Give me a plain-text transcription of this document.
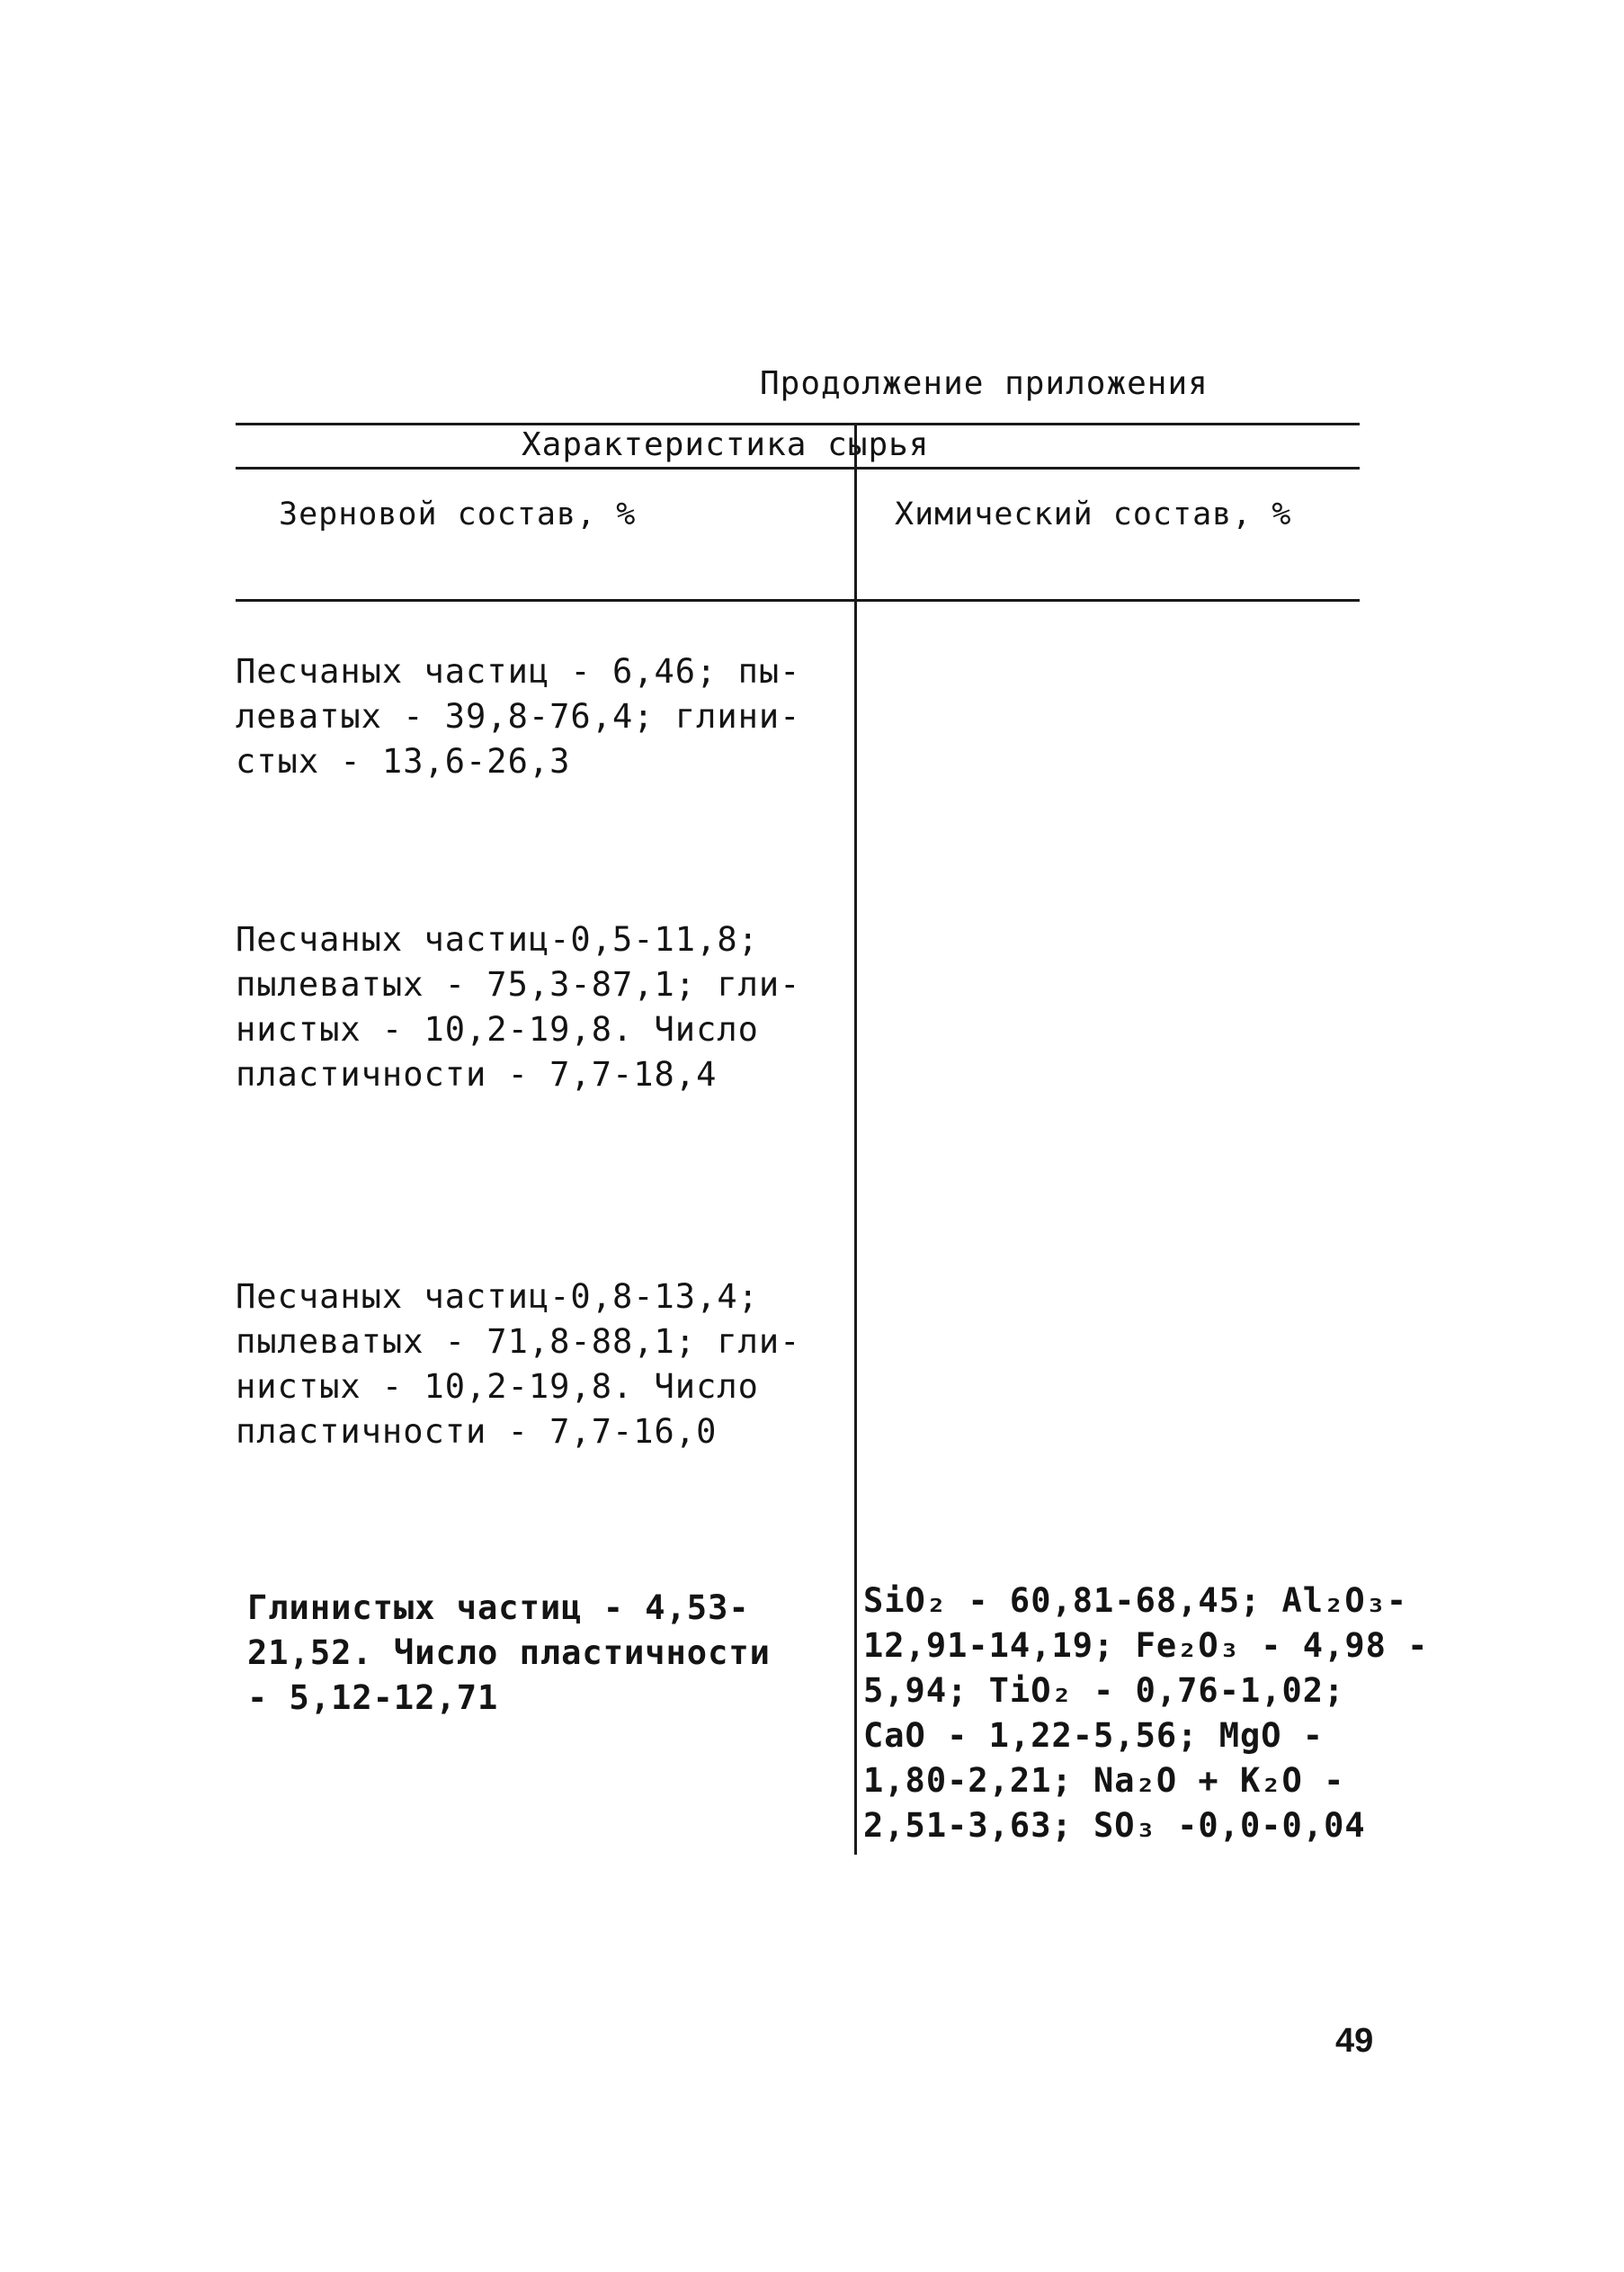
Продолжение приложения
Характеристика сырья
Зерновой состав, %	Химический состав, %
Песчаных частиц - 6,46; пы-
леватых - 39,8-76,4; глини-
стых - 13,6-26,3
Песчаных частиц-0,5-11,8;
пылеватых - 75,3-87,1; гли-
нистых - 10,2-19,8. Число
пластичности - 7,7-18,4
Песчаных частиц-0,8-13,4;
пылеватых - 71,8-88,1; гли-
нистых - 10,2-19,8. Число
пластичности - 7,7-16,0
Глинистых частиц - 4,53-
21,52. Число пластичности
- 5,12-12,71
SiO₂ - 60,81-68,45; Al₂O₃-
12,91-14,19; Fe₂O₃ - 4,98 -
5,94; TiO₂ - 0,76-1,02;
CaO - 1,22-5,56; MgO -
1,80-2,21; Na₂O + K₂O -
2,51-3,63; SO₃ -0,0-0,04
49
